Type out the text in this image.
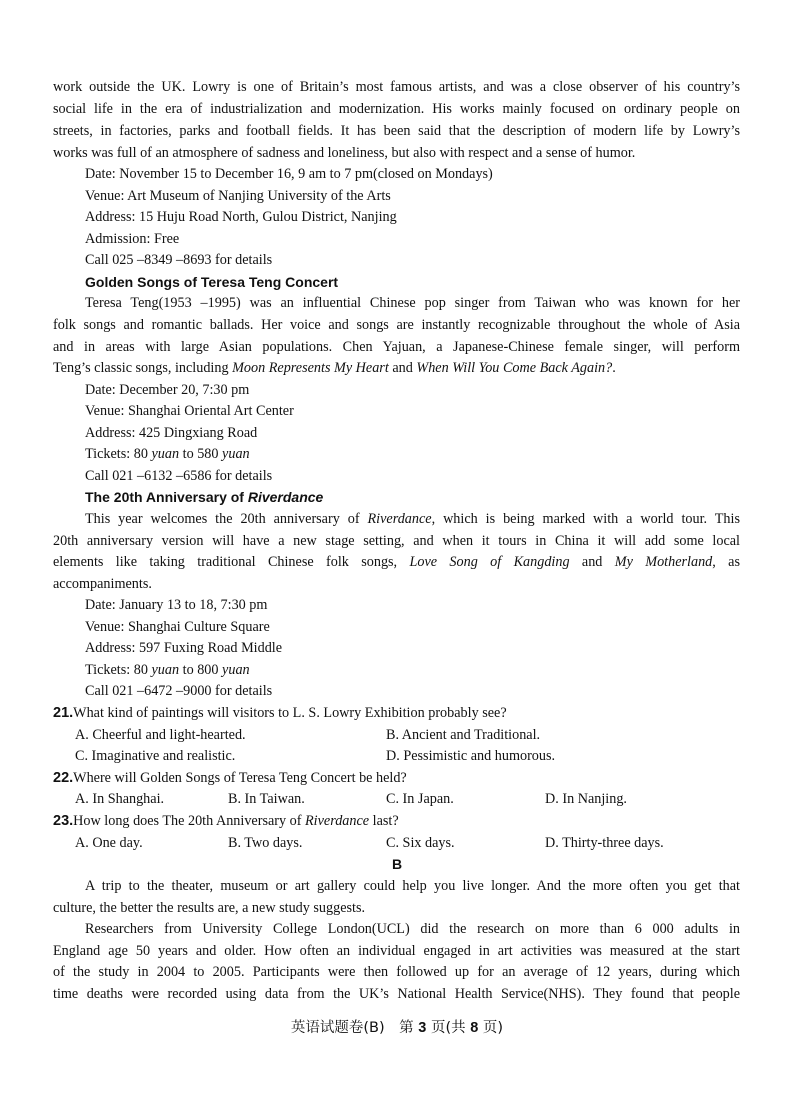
work outside the UK. Lowry is one of Britain’s most famous artists, and was a close observer of his country’s
social life in the era of industrialization and modernization. His works mainly focused on ordinary people on
streets, in factories, parks and football fields. It has been said that the description of modern life by Lowry’s
works was full of an atmosphere of sadness and loneliness, but also with respect and a sense of humor.
Date: November 15 to December 16, 9 am to 7 pm(closed on Mondays)
Venue: Art Museum of Nanjing University of the Arts
Address: 15 Huju Road North, Gulou District, Nanjing
Admission: Free
Call 025 –8349 –8693 for details
Golden Songs of Teresa Teng Concert
Teresa Teng(1953 –1995) was an influential Chinese pop singer from Taiwan who was known for her
folk songs and romantic ballads. Her voice and songs are instantly recognizable throughout the whole of Asia
and in areas with large Asian populations. Chen Yajuan, a Japanese-Chinese female singer, will perform
Teng’s classic songs, including Moon Represents My Heart and When Will You Come Back Again?.
Date: December 20, 7:30 pm
Venue: Shanghai Oriental Art Center
Address: 425 Dingxiang Road
Tickets: 80 yuan to 580 yuan
Call 021 –6132 –6586 for details
The 20th Anniversary of Riverdance
This year welcomes the 20th anniversary of Riverdance, which is being marked with a world tour. This
20th anniversary version will have a new stage setting, and when it tours in China it will add some local
elements like taking traditional Chinese folk songs, Love Song of Kangding and My Motherland, as
accompaniments.
Date: January 13 to 18, 7:30 pm
Venue: Shanghai Culture Square
Address: 597 Fuxing Road Middle
Tickets: 80 yuan to 800 yuan
Call 021 –6472 –9000 for details
21.What kind of paintings will visitors to L. S. Lowry Exhibition probably see?
A. Cheerful and light-hearted.	B. Ancient and Traditional.
C. Imaginative and realistic.	D. Pessimistic and humorous.
22.Where will Golden Songs of Teresa Teng Concert be held?
A. In Shanghai.	B. In Taiwan.	C. In Japan.	D. In Nanjing.
23.How long does The 20th Anniversary of Riverdance last?
A. One day.	B. Two days.	C. Six days.	D. Thirty-three days.
B
A trip to the theater, museum or art gallery could help you live longer. And the more often you get that
culture, the better the results are, a new study suggests.
Researchers from University College London(UCL) did the research on more than 6 000 adults in
England age 50 years and older. How often an individual engaged in art activities was measured at the start
of the study in 2004 to 2005. Participants were then followed up for an average of 12 years, during which
time deaths were recorded using data from the UK’s National Health Service(NHS). They found that people
英语试题卷(B)　第 3 页(共 8 页)
